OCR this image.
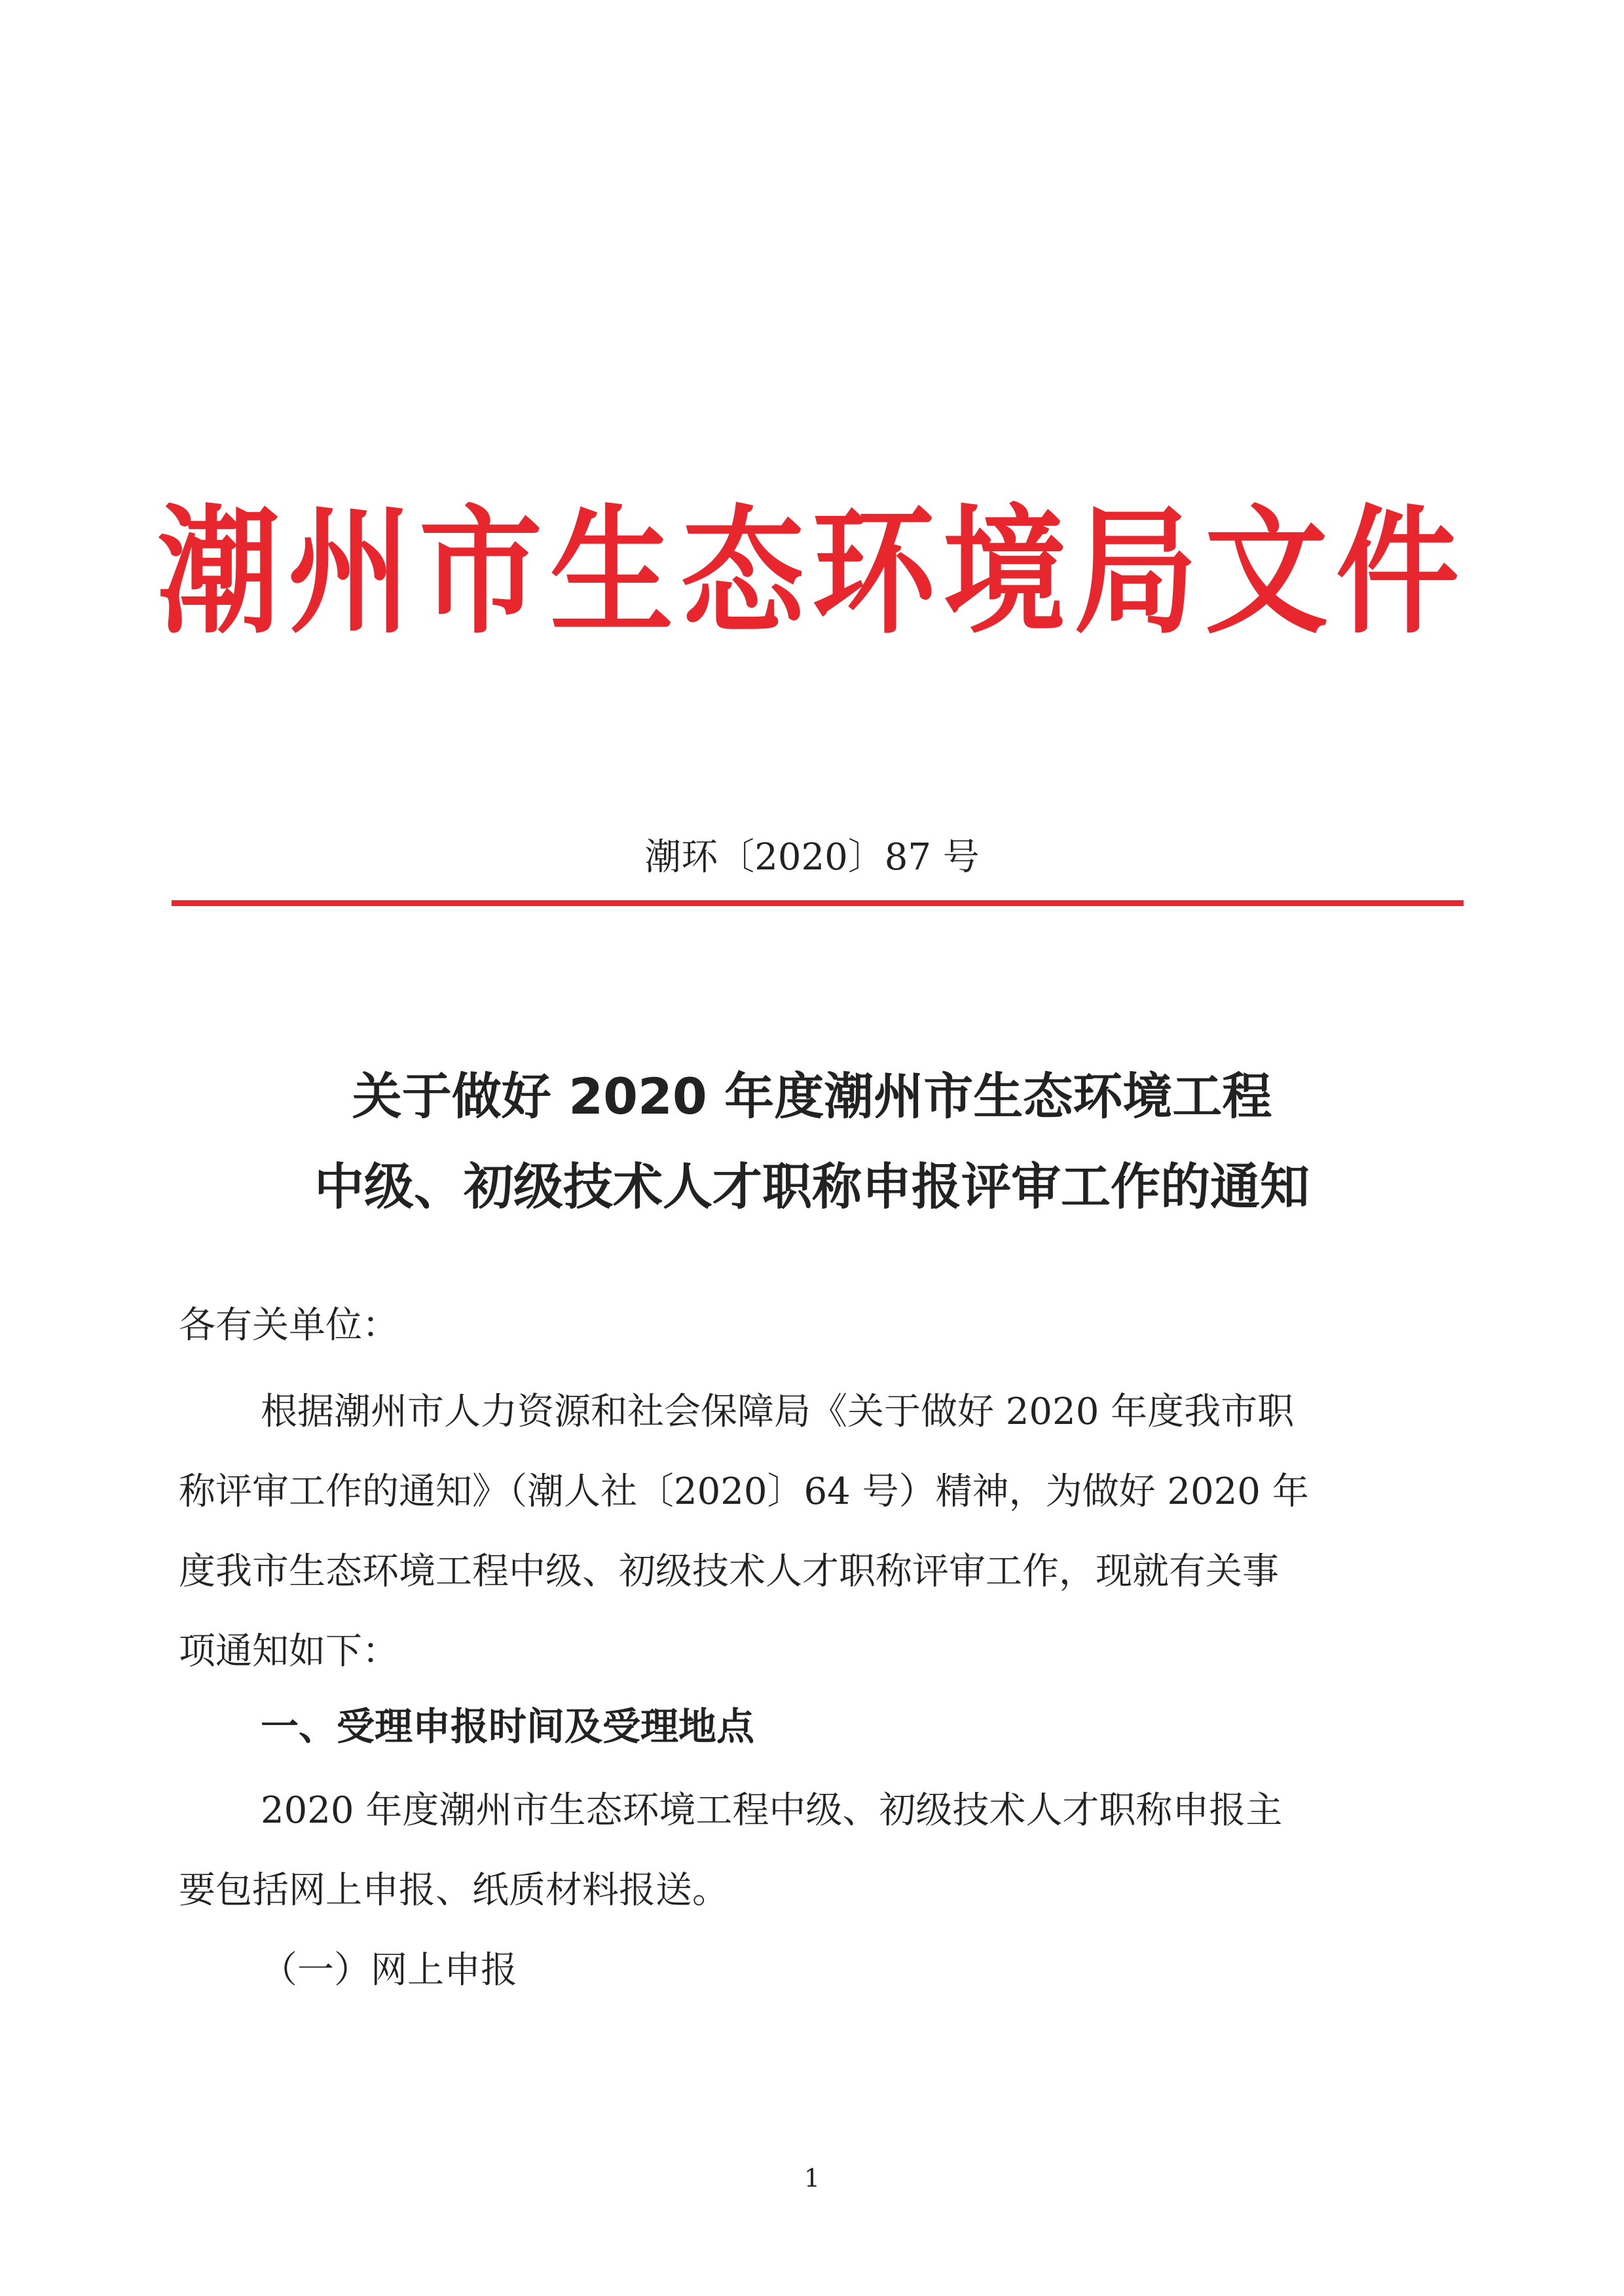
潮州市生态环境局文件
潮环〔2020〕87 号
关于做好 2020 年度潮州市生态环境工程
中级、初级技术人才职称申报评审工作的通知
各有关单位：
根据潮州市人力资源和社会保障局《关于做好 2020 年度我市职
称评审工作的通知》（潮人社〔2020〕64 号）精神，为做好 2020 年
度我市生态环境工程中级、初级技术人才职称评审工作，现就有关事
项通知如下：
一、受理申报时间及受理地点
2020 年度潮州市生态环境工程中级、初级技术人才职称申报主
要包括网上申报、纸质材料报送。
（一）网上申报
1
